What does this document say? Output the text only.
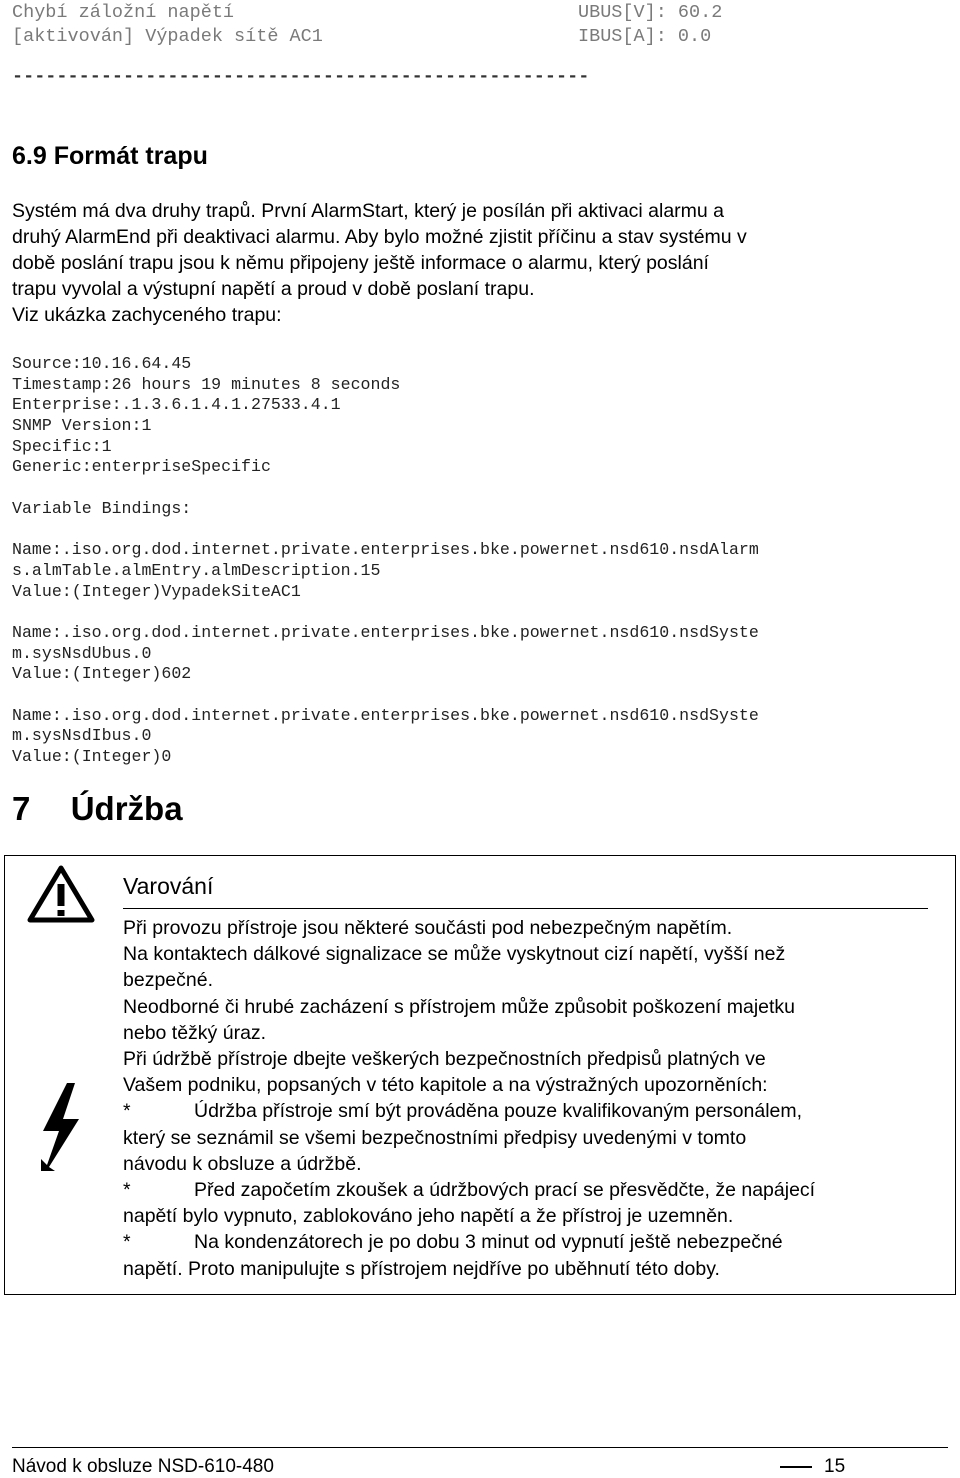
Chybí záložní napětí	UBUS[V]: 60.2
[aktivován] Výpadek sítě AC1	IBUS[A]: 0.0
----------------------------------------------------
6.9 Formát trapu
Systém má dva druhy trapů. První AlarmStart, který je posílán při aktivaci alarmu a
druhý AlarmEnd při deaktivaci alarmu. Aby bylo možné zjistit příčinu a stav systému v
době poslání trapu jsou k němu připojeny ještě informace o alarmu, který poslání
trapu vyvolal a výstupní napětí a proud v době poslaní trapu.
Viz ukázka zachyceného trapu:
Source:10.16.64.45
Timestamp:26 hours 19 minutes 8 seconds
Enterprise:.1.3.6.1.4.1.27533.4.1
SNMP Version:1
Specific:1
Generic:enterpriseSpecific
Variable Bindings:
Name:.iso.org.dod.internet.private.enterprises.bke.powernet.nsd610.nsdAlarm
s.almTable.almEntry.almDescription.15
Value:(Integer)VypadekSiteAC1
Name:.iso.org.dod.internet.private.enterprises.bke.powernet.nsd610.nsdSyste
m.sysNsdUbus.0
Value:(Integer)602
Name:.iso.org.dod.internet.private.enterprises.bke.powernet.nsd610.nsdSyste
m.sysNsdIbus.0
Value:(Integer)0
7 Údržba
Varování
Při provozu přístroje jsou některé součásti pod nebezpečným napětím.
Na kontaktech dálkové signalizace se může vyskytnout cizí napětí, vyšší než
bezpečné.
Neodborné či hrubé zacházení s přístrojem může způsobit poškození majetku
nebo těžký úraz.
Při údržbě přístroje dbejte veškerých bezpečnostních předpisů platných ve
Vašem podniku, popsaných v této kapitole a na výstražných upozorněních:
*	Údržba přístroje smí být prováděna pouze kvalifikovaným personálem,
který se seznámil se všemi bezpečnostními předpisy uvedenými v tomto
návodu k obsluze a údržbě.
*	Před započetím zkoušek a údržbových prací se přesvědčte, že napájecí
napětí bylo vypnuto, zablokováno jeho napětí a že přístroj je uzemněn.
*	Na kondenzátorech je po dobu 3 minut od vypnutí ještě nebezpečné
napětí. Proto manipulujte s přístrojem nejdříve po uběhnutí této doby.
Návod k obsluze NSD-610-480	15
